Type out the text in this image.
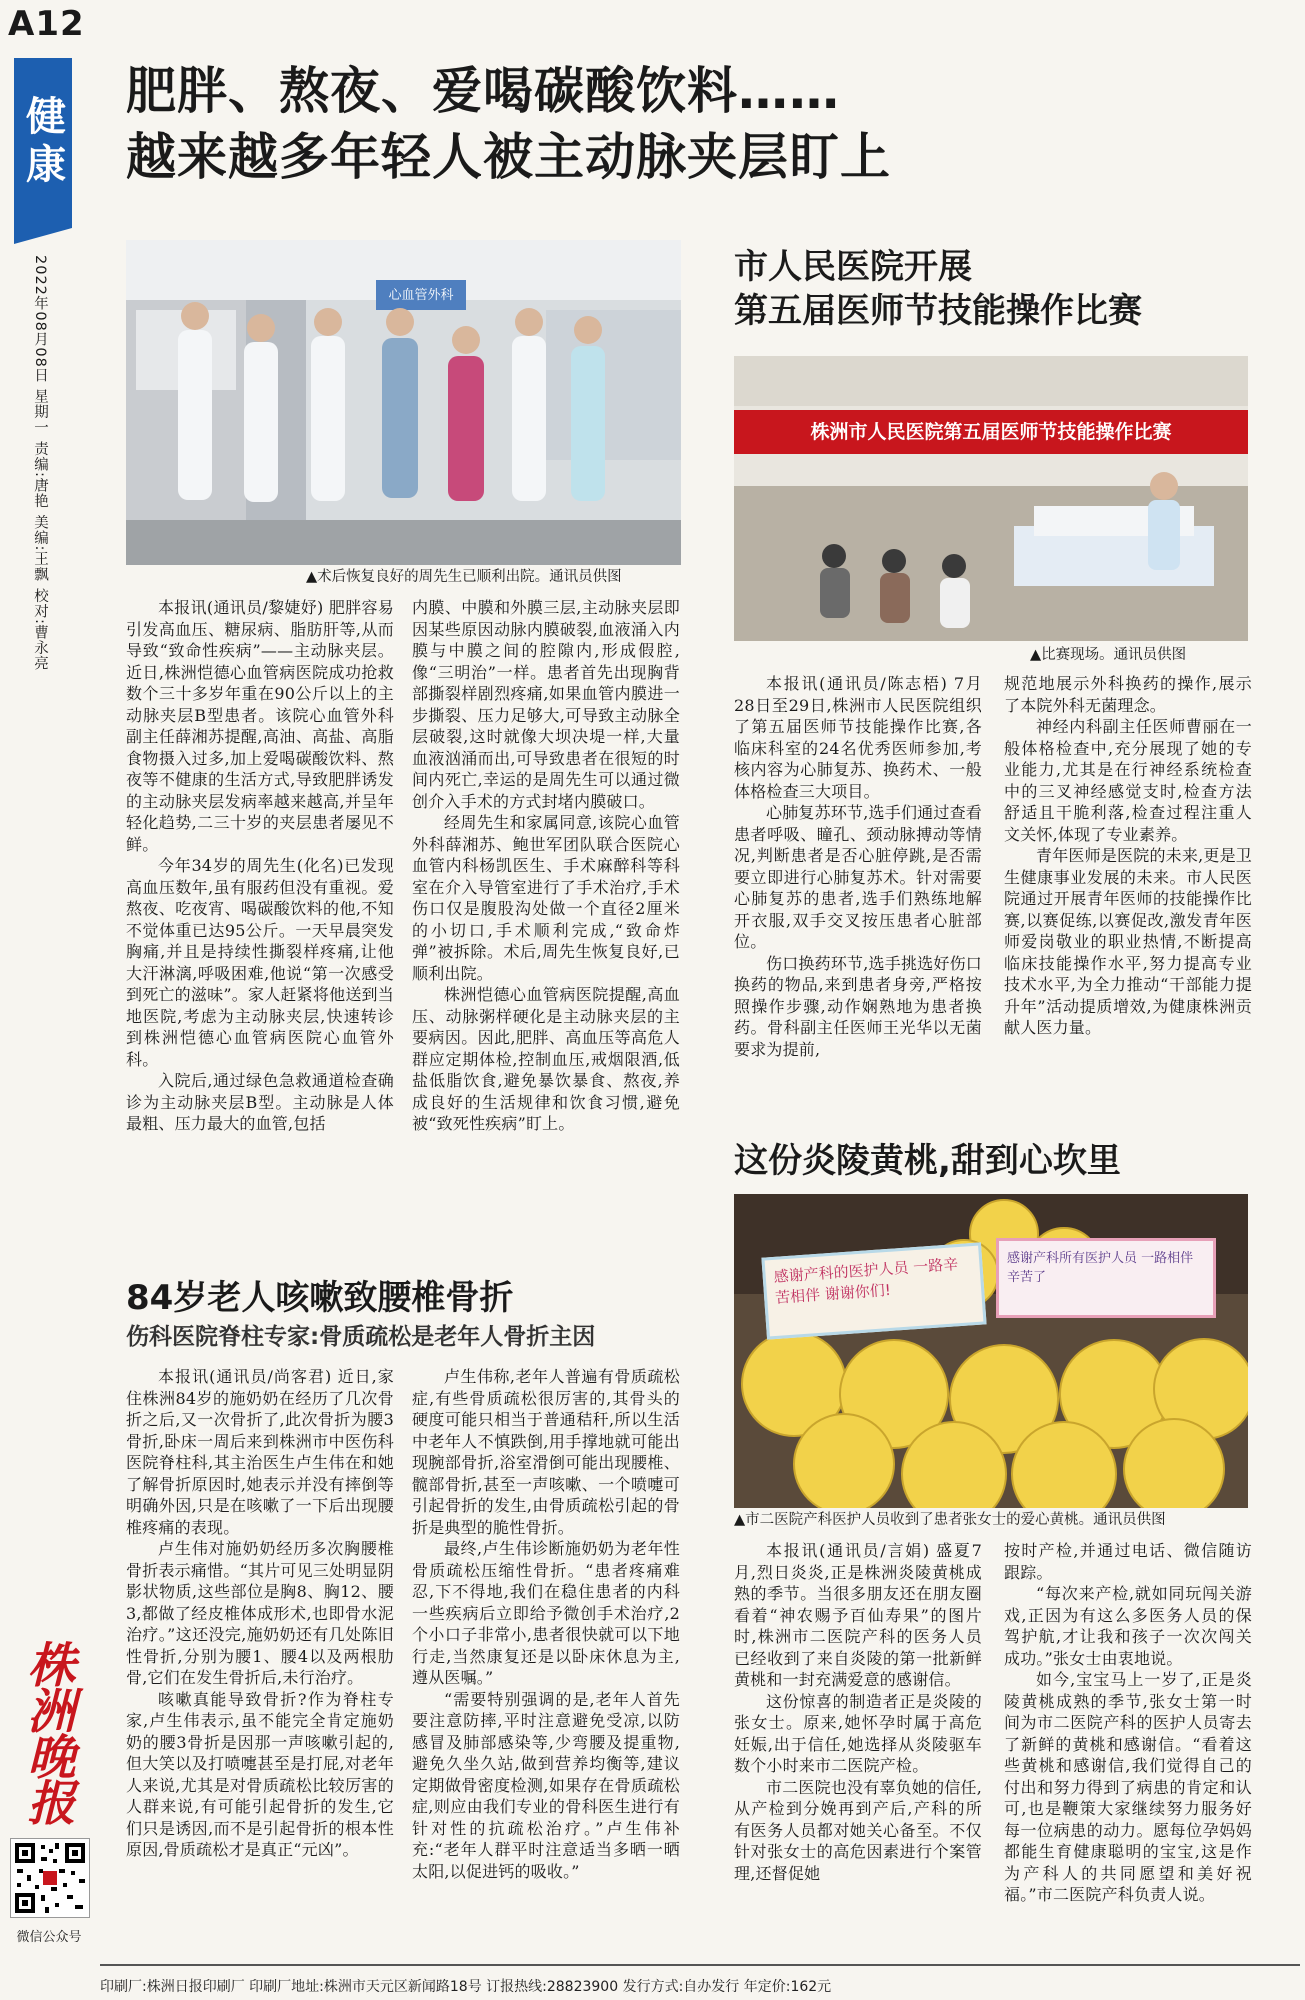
A12
健康
2022年08月08日 星期一 责编:唐艳 美编:王飘 校对:曹永亮
株洲晚报
微信公众号
肥胖、熬夜、爱喝碳酸饮料……
越来越多年轻人被主动脉夹层盯上
心血管外科
▲术后恢复良好的周先生已顺利出院。通讯员供图

本报讯(通讯员/黎婕妤) 肥胖容易引发高血压、糖尿病、脂肪肝等,从而导致“致命性疾病”——主动脉夹层。近日,株洲恺德心血管病医院成功抢救数个三十多岁年重在90公斤以上的主动脉夹层B型患者。该院心血管外科副主任薛湘苏提醒,高油、高盐、高脂食物摄入过多,加上爱喝碳酸饮料、熬夜等不健康的生活方式,导致肥胖诱发的主动脉夹层发病率越来越高,并呈年轻化趋势,二三十岁的夹层患者屡见不鲜。

今年34岁的周先生(化名)已发现高血压数年,虽有服药但没有重视。爱熬夜、吃夜宵、喝碳酸饮料的他,不知不觉体重已达95公斤。一天早晨突发胸痛,并且是持续性撕裂样疼痛,让他大汗淋漓,呼吸困难,他说“第一次感受到死亡的滋味”。家人赶紧将他送到当地医院,考虑为主动脉夹层,快速转诊到株洲恺德心血管病医院心血管外科。

入院后,通过绿色急救通道检查确诊为主动脉夹层B型。主动脉是人体最粗、压力最大的血管,包括

内膜、中膜和外膜三层,主动脉夹层即因某些原因动脉内膜破裂,血液涌入内膜与中膜之间的腔隙内,形成假腔,像“三明治”一样。患者首先出现胸背部撕裂样剧烈疼痛,如果血管内膜进一步撕裂、压力足够大,可导致主动脉全层破裂,这时就像大坝决堤一样,大量血液汹涌而出,可导致患者在很短的时间内死亡,幸运的是周先生可以通过微创介入手术的方式封堵内膜破口。

经周先生和家属同意,该院心血管外科薛湘苏、鲍世军团队联合医院心血管内科杨凯医生、手术麻醉科等科室在介入导管室进行了手术治疗,手术伤口仅是腹股沟处做一个直径2厘米的小切口,手术顺利完成,“致命炸弹”被拆除。术后,周先生恢复良好,已顺利出院。

株洲恺德心血管病医院提醒,高血压、动脉粥样硬化是主动脉夹层的主要病因。因此,肥胖、高血压等高危人群应定期体检,控制血压,戒烟限酒,低盐低脂饮食,避免暴饮暴食、熬夜,养成良好的生活规律和饮食习惯,避免被“致死性疾病”盯上。

市人民医院开展
第五届医师节技能操作比赛
株洲市人民医院第五届医师节技能操作比赛
▲比赛现场。通讯员供图

本报讯(通讯员/陈志梧) 7月28日至29日,株洲市人民医院组织了第五届医师节技能操作比赛,各临床科室的24名优秀医师参加,考核内容为心肺复苏、换药术、一般体格检查三大项目。

心肺复苏环节,选手们通过查看患者呼吸、瞳孔、颈动脉搏动等情况,判断患者是否心脏停跳,是否需要立即进行心肺复苏术。针对需要心肺复苏的患者,选手们熟练地解开衣服,双手交叉按压患者心脏部位。

伤口换药环节,选手挑选好伤口换药的物品,来到患者身旁,严格按照操作步骤,动作娴熟地为患者换药。骨科副主任医师王光华以无菌要求为提前,

规范地展示外科换药的操作,展示了本院外科无菌理念。

神经内科副主任医师曹丽在一般体格检查中,充分展现了她的专业能力,尤其是在行神经系统检查中的三叉神经感觉支时,检查方法舒适且干脆利落,检查过程注重人文关怀,体现了专业素养。

青年医师是医院的未来,更是卫生健康事业发展的未来。市人民医院通过开展青年医师的技能操作比赛,以赛促练,以赛促改,激发青年医师爱岗敬业的职业热情,不断提高临床技能操作水平,努力提高专业技术水平,为全力推动“干部能力提升年”活动提质增效,为健康株洲贡献人医力量。

这份炎陵黄桃,甜到心坎里
感谢产科的医护人员 一路辛苦相伴 谢谢你们!
感谢产科所有医护人员 一路相伴 辛苦了
▲市二医院产科医护人员收到了患者张女士的爱心黄桃。通讯员供图

本报讯(通讯员/言娟) 盛夏7月,烈日炎炎,正是株洲炎陵黄桃成熟的季节。当很多朋友还在朋友圈看着“神农赐予百仙寿果”的图片时,株洲市二医院产科的医务人员已经收到了来自炎陵的第一批新鲜黄桃和一封充满爱意的感谢信。

这份惊喜的制造者正是炎陵的张女士。原来,她怀孕时属于高危妊娠,出于信任,她选择从炎陵驱车数个小时来市二医院产检。

市二医院也没有辜负她的信任,从产检到分娩再到产后,产科的所有医务人员都对她关心备至。不仅针对张女士的高危因素进行个案管理,还督促她

按时产检,并通过电话、微信随访跟踪。

“每次来产检,就如同玩闯关游戏,正因为有这么多医务人员的保驾护航,才让我和孩子一次次闯关成功。”张女士由衷地说。

如今,宝宝马上一岁了,正是炎陵黄桃成熟的季节,张女士第一时间为市二医院产科的医护人员寄去了新鲜的黄桃和感谢信。“看着这些黄桃和感谢信,我们觉得自己的付出和努力得到了病患的肯定和认可,也是鞭策大家继续努力服务好每一位病患的动力。愿每位孕妈妈都能生育健康聪明的宝宝,这是作为产科人的共同愿望和美好祝福。”市二医院产科负责人说。

84岁老人咳嗽致腰椎骨折
伤科医院脊柱专家:骨质疏松是老年人骨折主因

本报讯(通讯员/尚客君) 近日,家住株洲84岁的施奶奶在经历了几次骨折之后,又一次骨折了,此次骨折为腰3骨折,卧床一周后来到株洲市中医伤科医院脊柱科,其主治医生卢生伟在和她了解骨折原因时,她表示并没有摔倒等明确外因,只是在咳嗽了一下后出现腰椎疼痛的表现。

卢生伟对施奶奶经历多次胸腰椎骨折表示痛惜。“其片可见三处明显阴影状物质,这些部位是胸8、胸12、腰3,都做了经皮椎体成形术,也即骨水泥治疗。”这还没完,施奶奶还有几处陈旧性骨折,分别为腰1、腰4以及两根肋骨,它们在发生骨折后,未行治疗。

咳嗽真能导致骨折?作为脊柱专家,卢生伟表示,虽不能完全肯定施奶奶的腰3骨折是因那一声咳嗽引起的,但大笑以及打喷嚏甚至是打屁,对老年人来说,尤其是对骨质疏松比较厉害的人群来说,有可能引起骨折的发生,它们只是诱因,而不是引起骨折的根本性原因,骨质疏松才是真正“元凶”。

卢生伟称,老年人普遍有骨质疏松症,有些骨质疏松很厉害的,其骨头的硬度可能只相当于普通秸秆,所以生活中老年人不慎跌倒,用手撑地就可能出现腕部骨折,浴室滑倒可能出现腰椎、髋部骨折,甚至一声咳嗽、一个喷嚏可引起骨折的发生,由骨质疏松引起的骨折是典型的脆性骨折。

最终,卢生伟诊断施奶奶为老年性骨质疏松压缩性骨折。“患者疼痛难忍,下不得地,我们在稳住患者的内科一些疾病后立即给予微创手术治疗,2个小口子非常小,患者很快就可以下地行走,当然康复还是以卧床休息为主,遵从医嘱。”

“需要特别强调的是,老年人首先要注意防摔,平时注意避免受凉,以防感冒及肺部感染等,少弯腰及提重物,避免久坐久站,做到营养均衡等,建议定期做骨密度检测,如果存在骨质疏松症,则应由我们专业的骨科医生进行有针对性的抗疏松治疗。”卢生伟补充:“老年人群平时注意适当多晒一晒太阳,以促进钙的吸收。”

印刷厂:株洲日报印刷厂 印刷厂地址:株洲市天元区新闻路18号 订报热线:28823900 发行方式:自办发行 年定价:162元
